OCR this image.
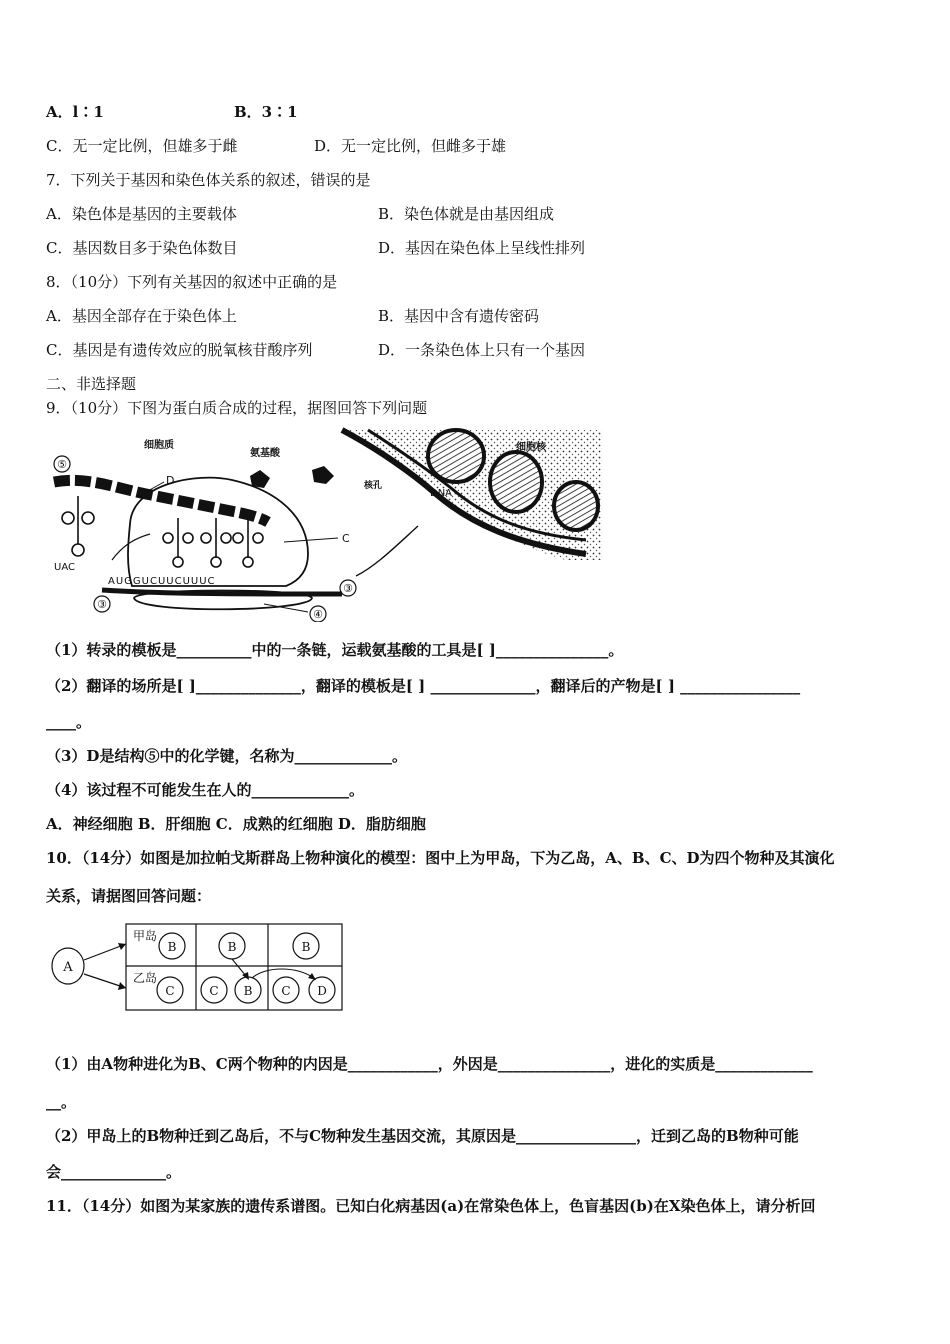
A．l∶1	B．3∶1
C．无一定比例，但雄多于雌	D．无一定比例，但雌多于雄
7．下列关于基因和染色体关系的叙述，错误的是
A．染色体是基因的主要载体	B．染色体就是由基因组成
C．基因数目多于染色体数目	D．基因在染色体上呈线性排列
8．（10分）下列有关基因的叙述中正确的是
A．基因全部存在于染色体上	B．基因中含有遗传密码
C．基因是有遗传效应的脱氧核苷酸序列	D．一条染色体上只有一个基因
二、非选择题
9．（10分）下图为蛋白质合成的过程，据图回答下列问题
细胞核
核孔
DNA
细胞质
氨基酸
⑤
D
UAC
C
AUGGUCUUCUUUC
③
③
④
（1）转录的模板是__________中的一条链，运载氨基酸的工具是[ ]_______________。
（2）翻译的场所是[ ]______________，翻译的模板是[ ] ______________，翻译后的产物是[ ] ________________
____。
（3）D是结构⑤中的化学键，名称为_____________。
（4）该过程不可能发生在人的_____________。
A．神经细胞 B．肝细胞 C．成熟的红细胞 D．脂肪细胞
10．（14分）如图是加拉帕戈斯群岛上物种演化的模型：图中上为甲岛，下为乙岛，A、B、C、D为四个物种及其演化
关系，请据图回答问题：
A
甲岛
乙岛
B	B	B
C	C B C D
（1）由A物种进化为B、C两个物种的内因是____________，外因是_______________，进化的实质是_____________
__。
（2）甲岛上的B物种迁到乙岛后，不与C物种发生基因交流，其原因是________________，迁到乙岛的B物种可能
会______________。
11．（14分）如图为某家族的遗传系谱图。已知白化病基因(a)在常染色体上，色盲基因(b)在X染色体上，请分析回
